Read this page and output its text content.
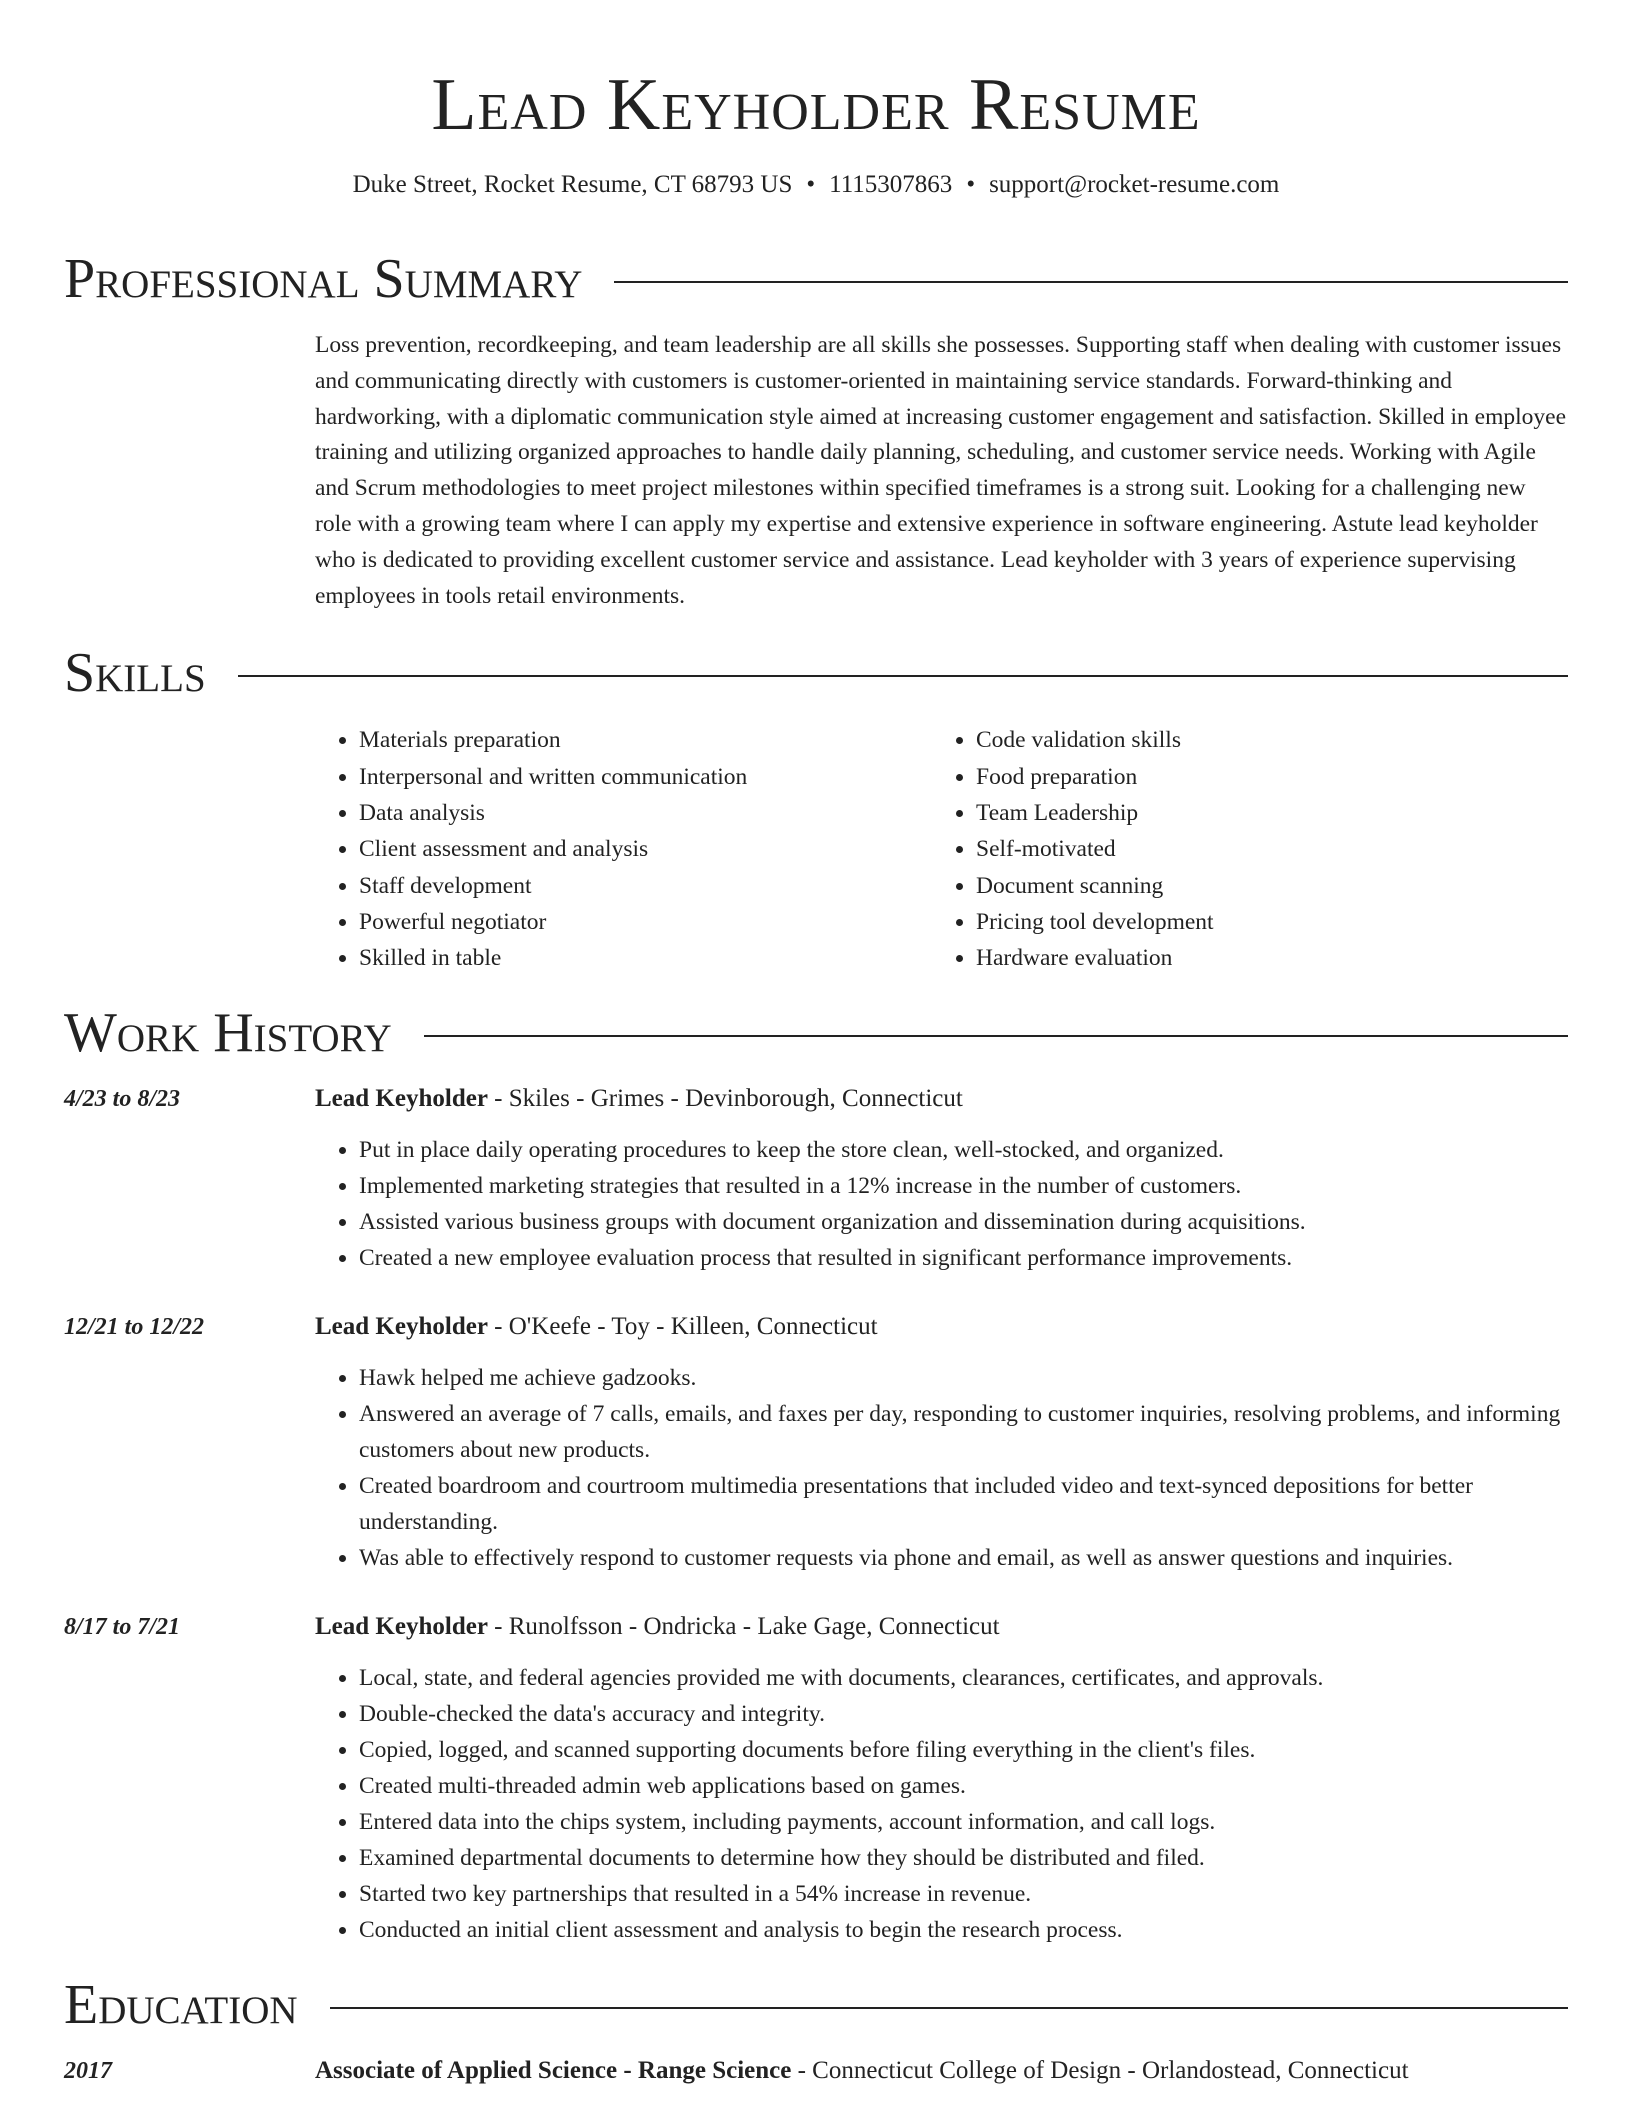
Lead Keyholder Resume
Duke Street, Rocket Resume, CT 68793 US • 1115307863 • support@rocket-resume.com
Professional Summary

Loss prevention, recordkeeping, and team leadership are all skills she possesses. Supporting staff when dealing with customer issues and communicating directly with customers is customer-oriented in maintaining service standards. Forward-thinking and hardworking, with a diplomatic communication style aimed at increasing customer engagement and satisfaction. Skilled in employee training and utilizing organized approaches to handle daily planning, scheduling, and customer service needs. Working with Agile and Scrum methodologies to meet project milestones within specified timeframes is a strong suit. Looking for a challenging new role with a growing team where I can apply my expertise and extensive experience in software engineering. Astute lead keyholder who is dedicated to providing excellent customer service and assistance. Lead keyholder with 3 years of experience supervising employees in tools retail environments.

Skills
• Materials preparation
• Interpersonal and written communication
• Data analysis
• Client assessment and analysis
• Staff development
• Powerful negotiator
• Skilled in table
• Code validation skills
• Food preparation
• Team Leadership
• Self-motivated
• Document scanning
• Pricing tool development
• Hardware evaluation
Work History
4/23 to 8/23	Lead Keyholder - Skiles - Grimes - Devinborough, Connecticut
• Put in place daily operating procedures to keep the store clean, well-stocked, and organized.
• Implemented marketing strategies that resulted in a 12% increase in the number of customers.
• Assisted various business groups with document organization and dissemination during acquisitions.
• Created a new employee evaluation process that resulted in significant performance improvements.
12/21 to 12/22	Lead Keyholder - O'Keefe - Toy - Killeen, Connecticut
• Hawk helped me achieve gadzooks.
• Answered an average of 7 calls, emails, and faxes per day, responding to customer inquiries, resolving problems, and informing customers about new products.
• Created boardroom and courtroom multimedia presentations that included video and text-synced depositions for better understanding.
• Was able to effectively respond to customer requests via phone and email, as well as answer questions and inquiries.
8/17 to 7/21	Lead Keyholder - Runolfsson - Ondricka - Lake Gage, Connecticut
• Local, state, and federal agencies provided me with documents, clearances, certificates, and approvals.
• Double-checked the data's accuracy and integrity.
• Copied, logged, and scanned supporting documents before filing everything in the client's files.
• Created multi-threaded admin web applications based on games.
• Entered data into the chips system, including payments, account information, and call logs.
• Examined departmental documents to determine how they should be distributed and filed.
• Started two key partnerships that resulted in a 54% increase in revenue.
• Conducted an initial client assessment and analysis to begin the research process.
Education
2017	Associate of Applied Science - Range Science - Connecticut College of Design - Orlandostead, Connecticut
